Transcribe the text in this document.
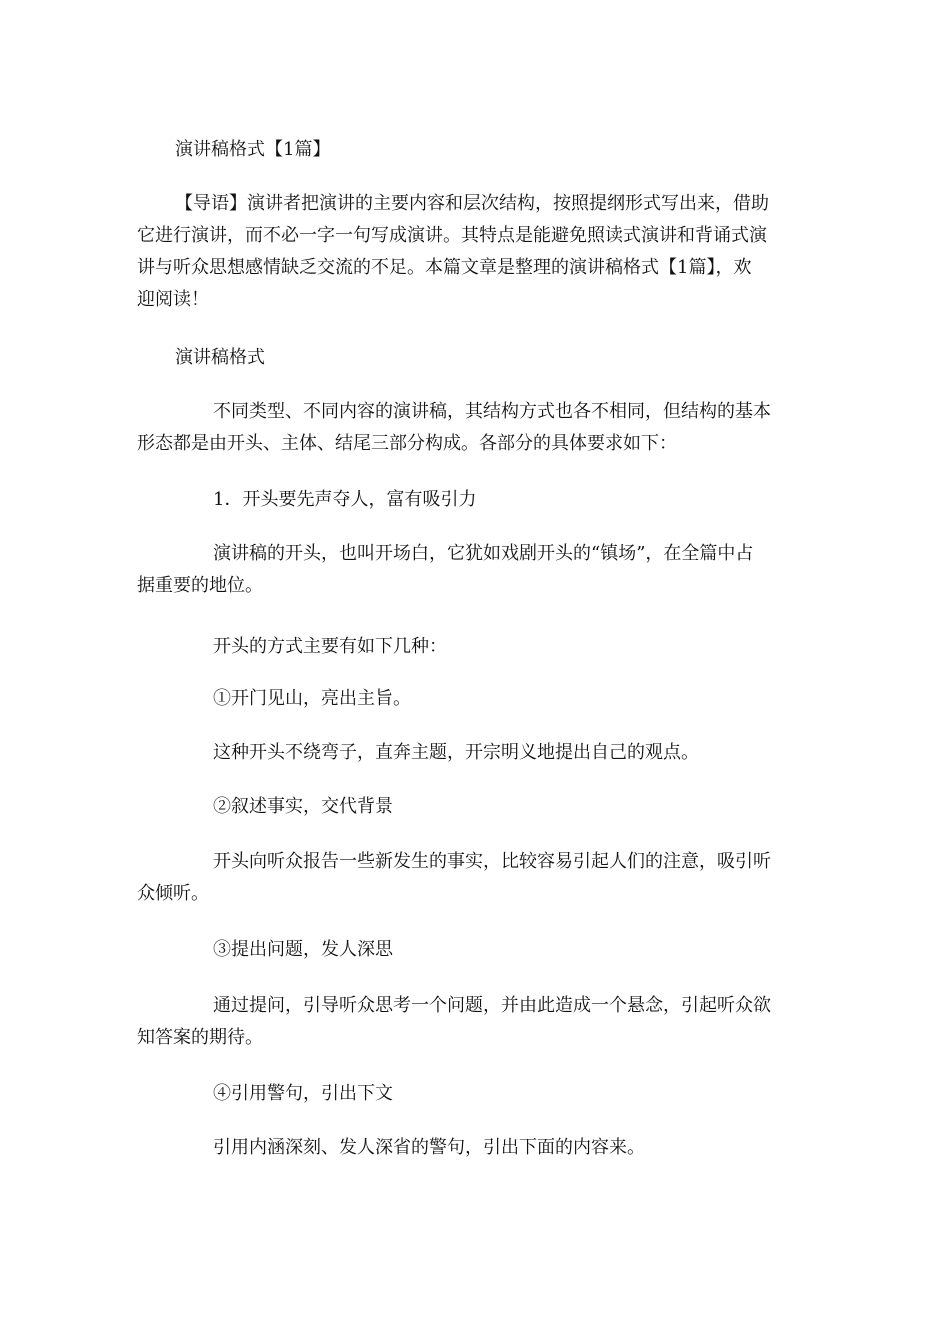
演讲稿格式【1篇】

【导语】演讲者把演讲的主要内容和层次结构，按照提纲形式写出来，借助
它进行演讲，而不必一字一句写成演讲。其特点是能避免照读式演讲和背诵式演
讲与听众思想感情缺乏交流的不足。本篇文章是整理的演讲稿格式【1篇】，欢
迎阅读！

演讲稿格式

不同类型、不同内容的演讲稿，其结构方式也各不相同，但结构的基本
形态都是由开头、主体、结尾三部分构成。各部分的具体要求如下：

1．开头要先声夺人，富有吸引力

演讲稿的开头，也叫开场白，它犹如戏剧开头的“镇场”，在全篇中占
据重要的地位。

开头的方式主要有如下几种：

①开门见山，亮出主旨。

这种开头不绕弯子，直奔主题，开宗明义地提出自己的观点。

②叙述事实，交代背景

开头向听众报告一些新发生的事实，比较容易引起人们的注意，吸引听
众倾听。

③提出问题，发人深思

通过提问，引导听众思考一个问题，并由此造成一个悬念，引起听众欲
知答案的期待。

④引用警句，引出下文

引用内涵深刻、发人深省的警句，引出下面的内容来。
